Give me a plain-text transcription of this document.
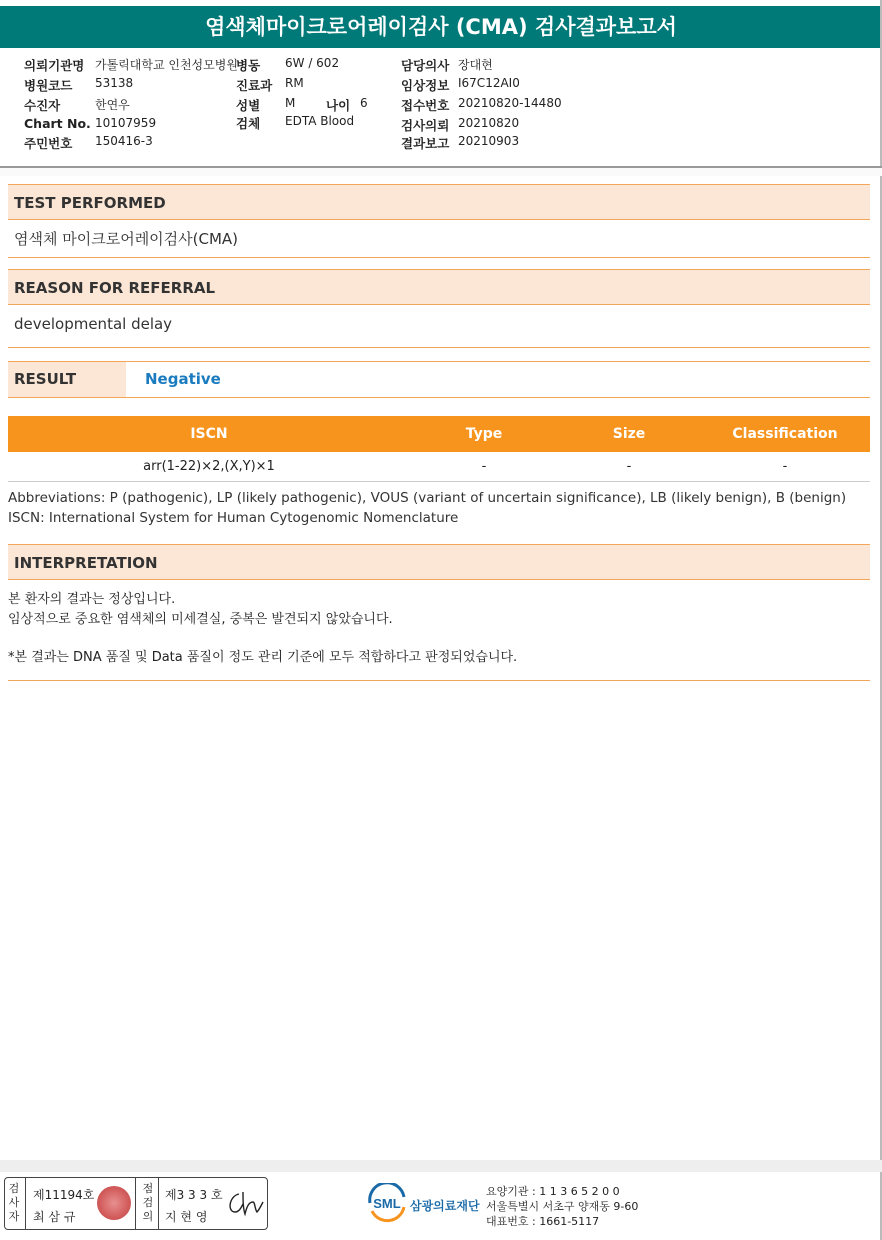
염색체마이크로어레이검사 (CMA) 검사결과보고서
의뢰기관명 가톨릭대학교 인천성모병원
병원코드 53138
수진자	한연우
Chart No. 10107959
주민번호 150416-3
병동 6W / 602
진료과 RM
성별 M 나이 6
검체 EDTA Blood
담당의사 장대현
임상정보 I67C12AI0
접수번호 20210820-14480
검사의뢰 20210820
결과보고 20210903
TEST PERFORMED
염색체 마이크로어레이검사(CMA)
REASON FOR REFERRAL
developmental delay
RESULT	Negative
ISCN	Type	Size	Classification
arr(1-22)×2,(X,Y)×1	-	-	-
Abbreviations: P (pathogenic), LP (likely pathogenic), VOUS (variant of uncertain significance), LB (likely benign), B (benign)
ISCN: International System for Human Cytogenomic Nomenclature
INTERPRETATION
본 환자의 결과는 정상입니다.
임상적으로 중요한 염색체의 미세결실, 중복은 발견되지 않았습니다.
*본 결과는 DNA 품질 및 Data 품질이 정도 관리 기준에 모두 적합하다고 판정되었습니다.
검
사
자
제11194호
최 삼 규
점
검
의
제3 3 3 호
지 현 영
SML 삼광의료재단
요양기관 : 1 1 3 6 5 2 0 0
서울특별시 서초구 양재동 9-60
대표번호 : 1661-5117
